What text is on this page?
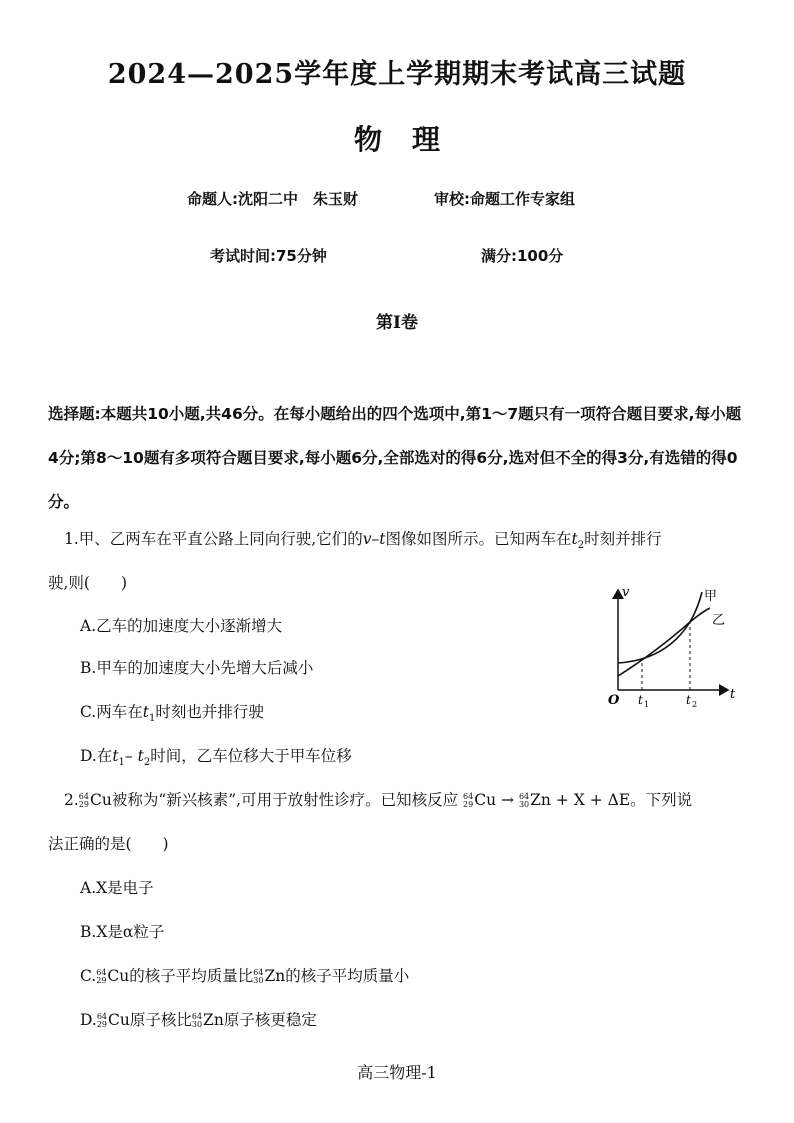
2024—2025学年度上学期期末考试高三试题
物理
命题人:沈阳二中　朱玉财	审校:命题工作专家组
考试时间:75分钟	满分:100分
第Ⅰ卷
选择题:本题共10小题,共46分。在每小题给出的四个选项中,第1～7题只有一项符合题目要求,每小题4分;第8～10题有多项符合题目要求,每小题6分,全部选对的得6分,选对但不全的得3分,有选错的得0分。
1.甲、乙两车在平直公路上同向行驶,它们的v–t图像如图所示。已知两车在$t_2$时刻并排行
驶,则(　　)
A.乙车的加速度大小逐渐增大
B.甲车的加速度大小先增大后减小
C.两车在$t_1$时刻也并排行驶
D.在$t_1-$ $t_2$时间，乙车位移大于甲车位移
v
t
O
甲
乙
t 1	t 2
2. 64
29 Cu被称为“新兴核素”,可用于放射性诊疗。已知核反应 64
29 Cu → 64
30 Zn + X + ΔE。下列说
法正确的是(　　)
A.X是电子
B.X是α粒子
C. 64
29 Cu的核子平均质量比 64
30 Zn的核子平均质量小
D. 64
29 Cu原子核比 64
30 Zn原子核更稳定
高三物理-1
